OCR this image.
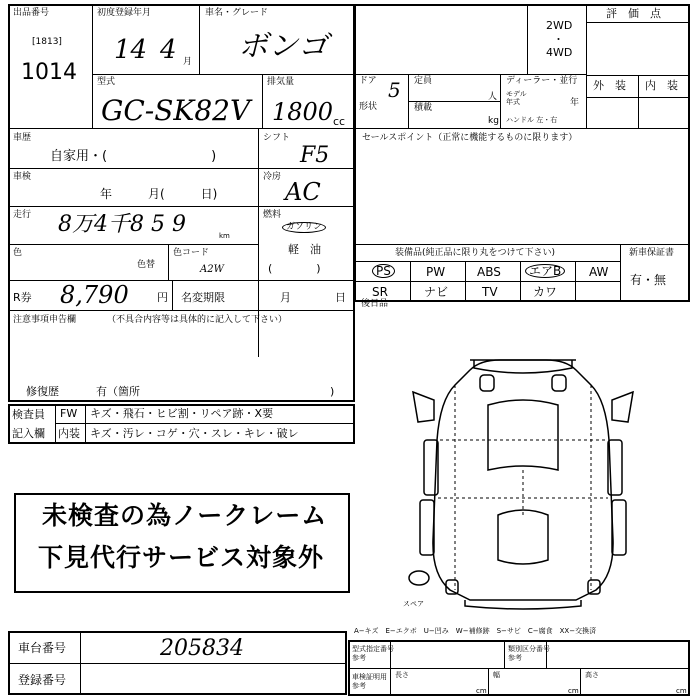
出品番号
[1813]
1014
初度登録年月
14 4 月
車名・グレード
ボンゴ
2WD
・
4WD
評　価　点
型式
GC-SK82V
排気量
1800 cc
ドア 5
形状
定員
人
積載
kg
ディーラー・並行
モデル
年式	年
ハンドル 左・右
外　装 内　装
車歴
自家用・(　　　　　　　　)
シフト
F5
セールスポイント（正常に機能するものに限ります）
車検
年　　　月(　　　日)
冷房
AC
走行 8万4千8 5 9	km
燃料
ガソリン
軽　油
(　　　　)
色
色替
色コード
A2W
装備品(純正品に限り丸をつけて下さい)	新車保証書
有・無
PS	PW	ABS	エアB	AW
SR	ナビ	TV	カワ
R券 8,790	円 名変期限	月	日 後日品
注意事項申告欄	（不具合内容等は具体的に記入して下さい）
修復歴	有（箇所	)
検査員
記入欄
FW キズ・飛石・ヒビ割・リペア跡・X要
内装 キズ・汚レ・コゲ・穴・スレ・キレ・破レ
未検査の為ノークレーム
下見代行サービス対象外
スペア
A−キズ　E−エクボ　U−凹み　W−補修跡　S−サビ　C−腐食　XX−交換済
車台番号	205834
登録番号
型式指定番号
参考
類別区分番号
参考
車検証明用
参考
長さ
cm
幅
cm
高さ
cm
